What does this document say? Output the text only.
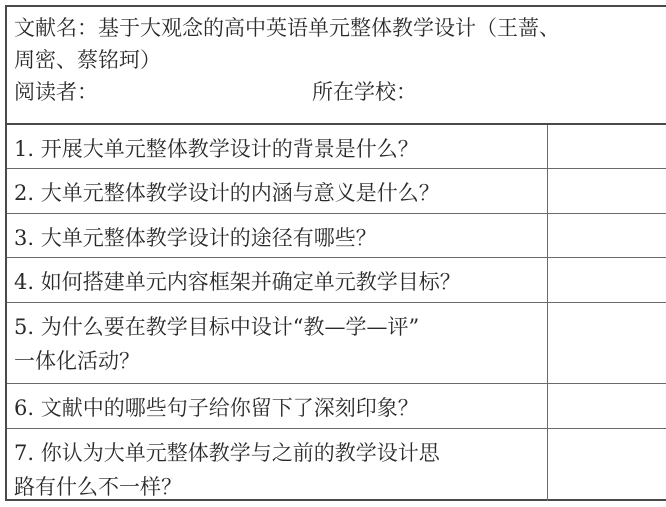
文献名：基于大观念的高中英语单元整体教学设计（王蔷、
周密、蔡铭珂）
阅读者：	所在学校：
1. 开展大单元整体教学设计的背景是什么？
2. 大单元整体教学设计的内涵与意义是什么？
3. 大单元整体教学设计的途径有哪些？
4. 如何搭建单元内容框架并确定单元教学目标？
5. 为什么要在教学目标中设计“教—学—评”
一体化活动？
6. 文献中的哪些句子给你留下了深刻印象？
7. 你认为大单元整体教学与之前的教学设计思
路有什么不一样？
